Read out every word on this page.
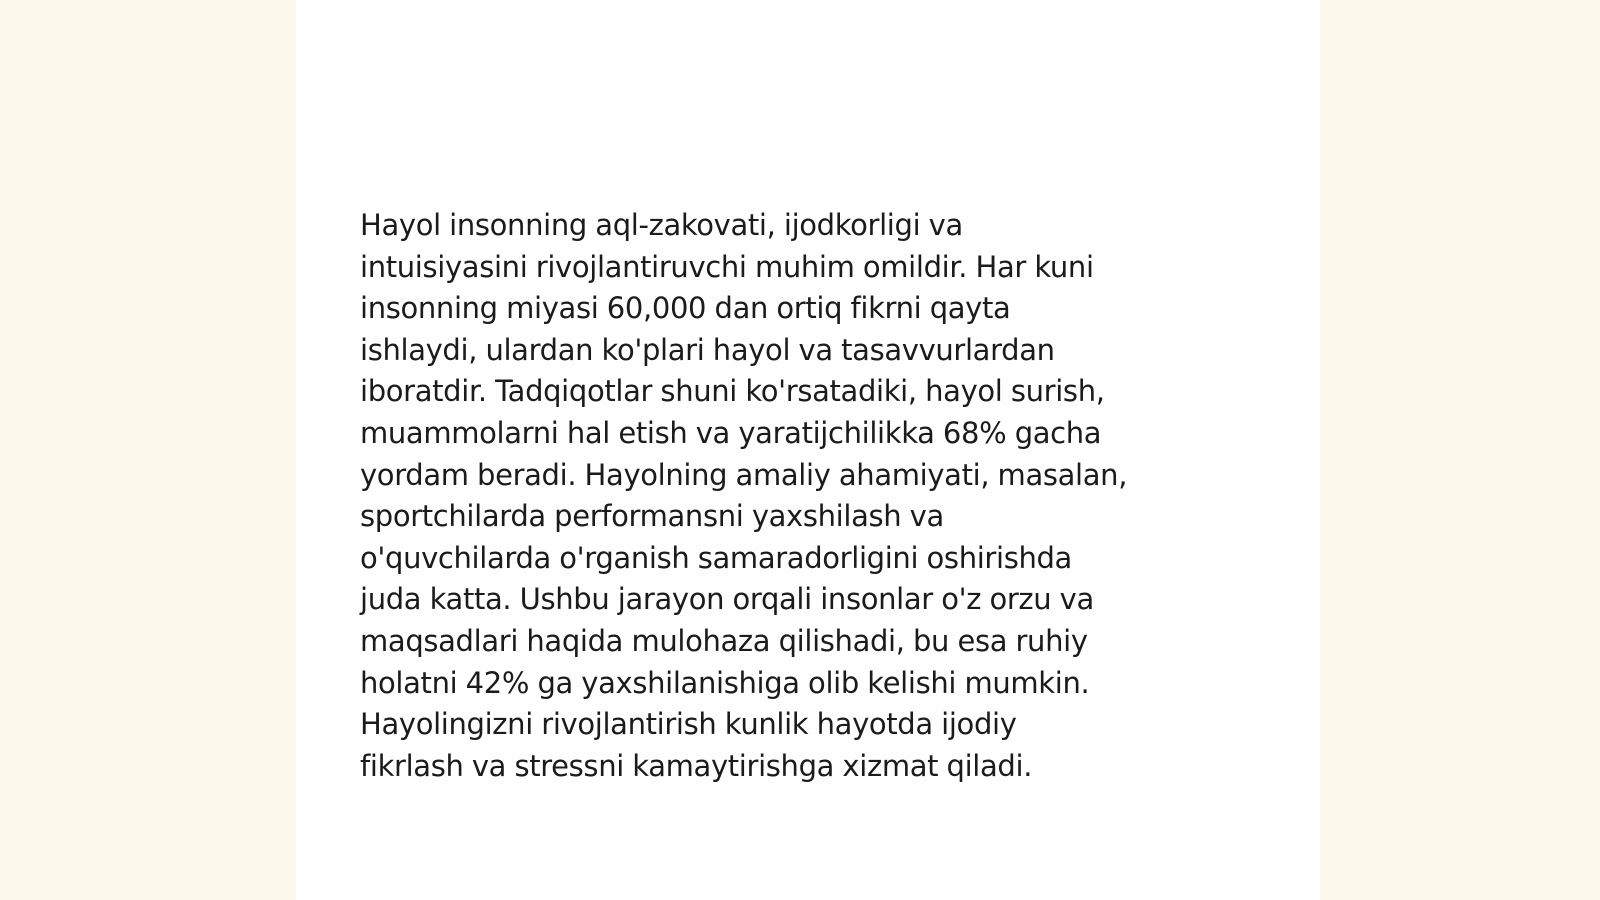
Hayol insonning aql-zakovati, ijodkorligi va
intuisiyasini rivojlantiruvchi muhim omildir. Har kuni
insonning miyasi 60,000 dan ortiq fikrni qayta
ishlaydi, ulardan ko'plari hayol va tasavvurlardan
iboratdir. Tadqiqotlar shuni ko'rsatadiki, hayol surish,
muammolarni hal etish va yaratijchilikka 68% gacha
yordam beradi. Hayolning amaliy ahamiyati, masalan,
sportchilarda performansni yaxshilash va
o'quvchilarda o'rganish samaradorligini oshirishda
juda katta. Ushbu jarayon orqali insonlar o'z orzu va
maqsadlari haqida mulohaza qilishadi, bu esa ruhiy
holatni 42% ga yaxshilanishiga olib kelishi mumkin.
Hayolingizni rivojlantirish kunlik hayotda ijodiy
fikrlash va stressni kamaytirishga xizmat qiladi.
